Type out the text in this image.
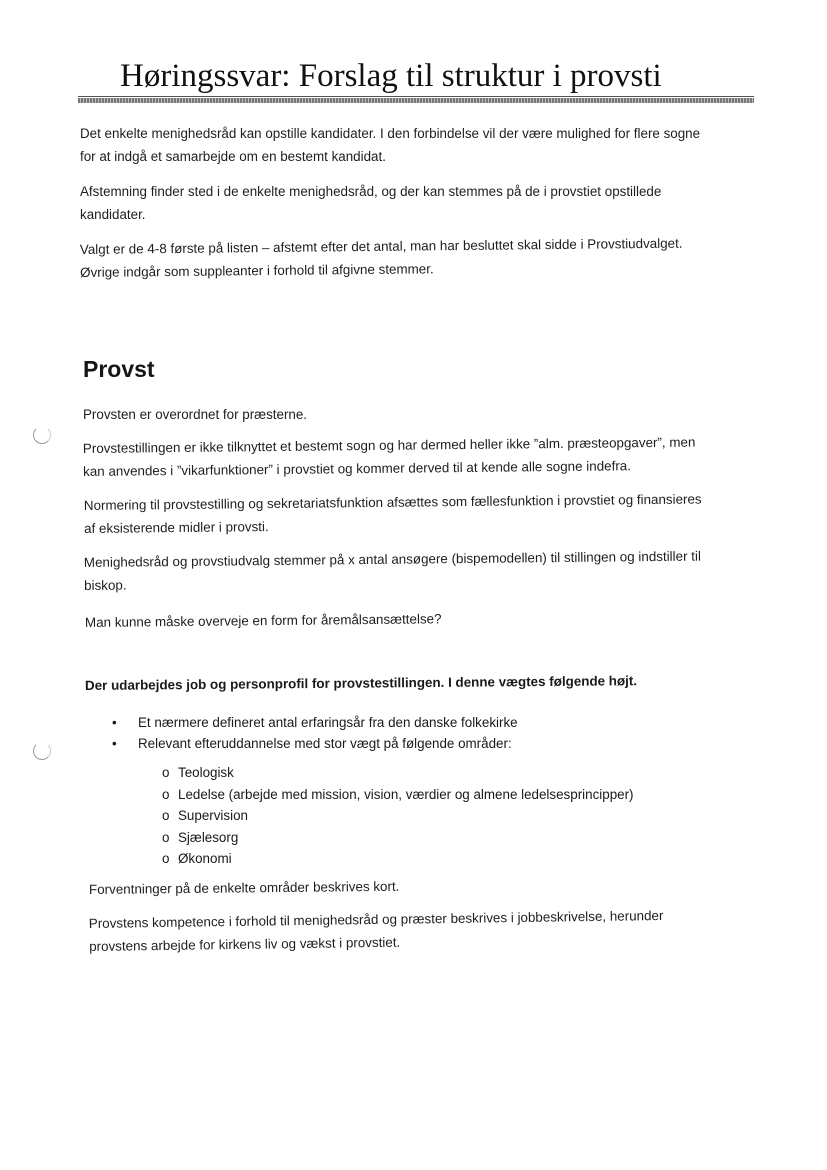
Høringssvar: Forslag til struktur i provsti
Det enkelte menighedsråd kan opstille kandidater. I den forbindelse vil der være mulighed for flere sogne
for at indgå et samarbejde om en bestemt kandidat.
Afstemning finder sted i de enkelte menighedsråd, og der kan stemmes på de i provstiet opstillede
kandidater.
Valgt er de 4-8 første på listen – afstemt efter det antal, man har besluttet skal sidde i Provstiudvalget.
Øvrige indgår som suppleanter i forhold til afgivne stemmer.
Provst
Provsten er overordnet for præsterne.
Provstestillingen er ikke tilknyttet et bestemt sogn og har dermed heller ikke ”alm. præsteopgaver”, men
kan anvendes i ”vikarfunktioner” i provstiet og kommer derved til at kende alle sogne indefra.
Normering til provstestilling og sekretariatsfunktion afsættes som fællesfunktion i provstiet og finansieres
af eksisterende midler i provsti.
Menighedsråd og provstiudvalg stemmer på x antal ansøgere (bispemodellen) til stillingen og indstiller til
biskop.
Man kunne måske overveje en form for åremålsansættelse?
Der udarbejdes job og personprofil for provstestillingen. I denne vægtes følgende højt.
• Et nærmere defineret antal erfaringsår fra den danske folkekirke
• Relevant efteruddannelse med stor vægt på følgende områder:
o Teologisk
o Ledelse (arbejde med mission, vision, værdier og almene ledelsesprincipper)
o Supervision
o Sjælesorg
o Økonomi
Forventninger på de enkelte områder beskrives kort.
Provstens kompetence i forhold til menighedsråd og præster beskrives i jobbeskrivelse, herunder
provstens arbejde for kirkens liv og vækst i provstiet.
